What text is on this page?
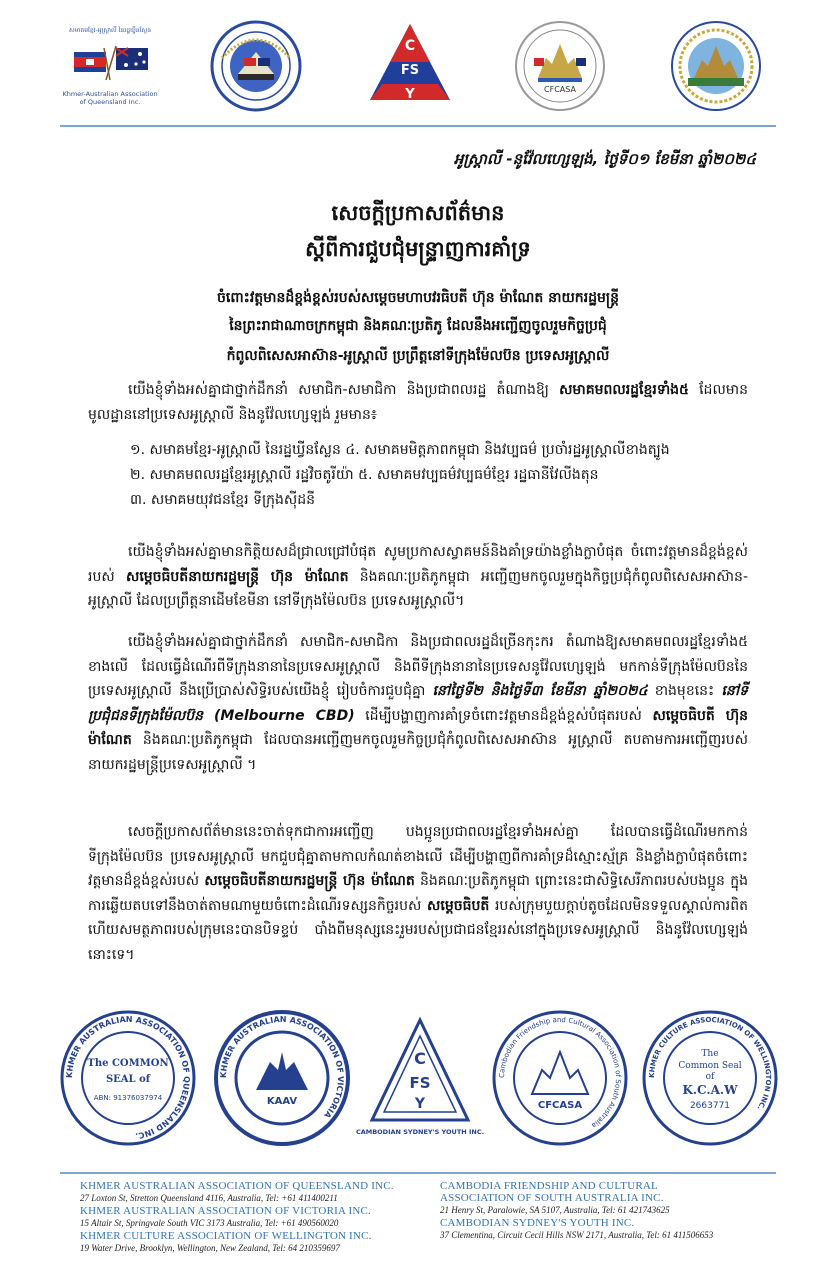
សមាគមខ្មែរ-អូស្ត្រាលី នៃរដ្ឋឃ្វីនស្លែន
Khmer-Australian Association
of Queensland Inc.
C
FS
Y	CFCASA
អូស្ត្រាលី -នូវ៉ែលហ្សេឡង់, ថ្ងៃទី០១ ខែមីនា ឆ្នាំ២០២៤
សេចក្តីប្រកាសព័ត៌មាន
ស្តីពីការជួបជុំមន្ទ្រាញការគាំទ្រ
ចំពោះវត្តមានដ៏ខ្ពង់ខ្ពស់របស់សម្តេចមហាបវរធិបតី ហ៊ុន ម៉ាណែត នាយករដ្ឋមន្ត្រី
នៃព្រះរាជាណាចក្រកម្ពុជា និងគណៈប្រតិភូ ដែលនឹងអញ្ជើញចូលរួមកិច្ចប្រជុំ
កំពូលពិសេសអាស៊ាន-អូស្ត្រាលី ប្រព្រឹត្តនៅទីក្រុងម៉ែលប៊ន ប្រទេសអូស្ត្រាលី
យើងខ្ញុំទាំងអស់គ្នាជាថ្នាក់ដឹកនាំ សមាជិក-សមាជិកា និងប្រជាពលរដ្ឋ តំណាងឱ្យ សមាគមពលរដ្ឋខ្មែរទាំង៥ ដែលមានមូលដ្ឋាននៅប្រទេសអូស្ត្រាលី និងនូវ៉ែលហ្សេឡង់ រួមមាន៖
១. សមាគមខ្មែរ-អូស្ត្រាលី នៃរដ្ឋឃ្វីនស្លែន ៤. សមាគមមិត្តភាពកម្ពុជា និងវប្បធម៌ ប្រចាំរដ្ឋអូស្ត្រាលីខាងត្បូង
២. សមាគមពលរដ្ឋខ្មែរអូស្ត្រាលី រដ្ឋវិចតូរីយ៉ា ៥. សមាគមវប្បធម៌វប្បធម៌ខ្មែរ រដ្ឋធានីវែលីងតុន
៣. សមាគមយុវជនខ្មែរ ទីក្រុងស៊ីដនី
យើងខ្ញុំទាំងអស់គ្នាមានកិត្តិយសដ៏ជ្រាលជ្រៅបំផុត សូមប្រកាសស្វាគមន៍និងគាំទ្រយ៉ាងខ្លាំងក្លាបំផុត ចំពោះវត្តមានដ៏ខ្ពង់ខ្ពស់របស់ សម្តេចធិបតីនាយករដ្ឋមន្ត្រី ហ៊ុន ម៉ាណែត និងគណៈប្រតិភូកម្ពុជា អញ្ជើញមកចូលរួមក្នុងកិច្ចប្រជុំកំពូលពិសេសអាស៊ាន-អូស្ត្រាលី ដែលប្រព្រឹត្តនាដើមខែមីនា នៅទីក្រុងម៉ែលប៊ន ប្រទេសអូស្ត្រាលី។
យើងខ្ញុំទាំងអស់គ្នាជាថ្នាក់ដឹកនាំ សមាជិក-សមាជិកា និងប្រជាពលរដ្ឋដ៏ច្រើនកុះករ តំណាងឱ្យសមាគមពលរដ្ឋខ្មែរទាំង៥ ខាងលើ ដែលធ្វើដំណើរពីទីក្រុងនានានៃប្រទេសអូស្ត្រាលី និងពីទីក្រុងនានានៃប្រទេសនូវ៉ែលហ្សេឡង់ មកកាន់ទីក្រុងម៉ែលប៊ននៃប្រទេសអូស្ត្រាលី នឹងប្រើប្រាស់សិទ្ធិរបស់យើងខ្ញុំ រៀបចំការជួបជុំគ្នា នៅថ្ងៃទី២ និងថ្ងៃទី៣ ខែមីនា ឆ្នាំ២០២៤ ខាងមុខនេះ នៅទីប្រជុំជនទីក្រុងម៉ែលប៊ន (Melbourne CBD) ដើម្បីបង្ហាញការគាំទ្រចំពោះវត្តមានដ៏ខ្ពង់ខ្ពស់បំផុតរបស់ សម្តេចធិបតី ហ៊ុន ម៉ាណែត និងគណៈប្រតិភូកម្ពុជា ដែលបានអញ្ជើញមកចូលរួមកិច្ចប្រជុំកំពូលពិសេសអាស៊ាន អូស្ត្រាលី តបតាមការអញ្ជើញរបស់នាយករដ្ឋមន្ត្រីប្រទេសអូស្ត្រាលី ។
សេចក្តីប្រកាសព័ត៌មាននេះចាត់ទុកជាការអញ្ជើញ បងប្អូនប្រជាពលរដ្ឋខ្មែរទាំងអស់គ្នា ដែលបានធ្វើដំណើរមកកាន់ទីក្រុងម៉ែលប៊ន ប្រទេសអូស្ត្រាលី មកជួបជុំគ្នាតាមកាលកំណត់ខាងលើ ដើម្បីបង្ហាញពីការគាំទ្រដ៏ស្មោះស្ម័គ្រ និងខ្លាំងក្លាបំផុតចំពោះវត្តមានដ៏ខ្ពង់ខ្ពស់របស់ សម្តេចធិបតីនាយករដ្ឋមន្ត្រី ហ៊ុន ម៉ាណែត និងគណៈប្រតិភូកម្ពុជា ព្រោះនេះជាសិទ្ធិសេរីភាពរបស់បងប្អូន ក្នុងការឆ្លើយតបទៅនឹងចាត់តាមណាមួយចំពោះដំណើរទស្សនកិច្ចរបស់ សម្តេចធិបតី របស់ក្រុមបួយក្តាប់តូចដែលមិនទទួលស្គាល់ការពិត ហើយសមត្ថភាពរបស់ក្រុមនេះបានបិទខ្ទប់ បាំងពីមនុស្សនេះរួមរបស់ប្រជាជនខ្មែររស់នៅក្នុងប្រទេសអូស្ត្រាលី និងនូវ៉ែលហ្សេឡង់ នោះទេ។
KHMER AUSTRALIAN ASSOCIATION OF QUEENSLAND INC.
The COMMON
SEAL of
ABN: 91376037974
KHMER AUSTRALIAN ASSOCIATION OF VICTORIA
KAAV
C
FS
Y
CAMBODIAN SYDNEY'S YOUTH INC.
Cambodian Friendship and Cultural Association of South Australia
CFCASA
KHMER CULTURE ASSOCIATION OF WELLINGTON INC.
The
Common Seal
of
K.C.A.W
2663771
KHMER AUSTRALIAN ASSOCIATION OF QUEENSLAND INC.
27 Loxton St, Stretton Queensland 4116, Australia, Tel: +61 411400211
KHMER AUSTRALIAN ASSOCIATION OF VICTORIA INC.
15 Altair St, Springvale South VIC 3173 Australia, Tel: +61 490560020
KHMER CULTURE ASSOCIATION OF WELLINGTON INC.
19 Water Drive, Brooklyn, Wellington, New Zealand, Tel: 64 210359697
CAMBODIA FRIENDSHIP AND CULTURAL
ASSOCIATION OF SOUTH AUSTRALIA INC.
21 Henry St, Paralowie, SA 5107, Australia, Tel: 61 421743625
CAMBODIAN SYDNEY'S YOUTH INC.
37 Clementina, Circuit Cecil Hills NSW 2171, Australia, Tel: 61 411506653
